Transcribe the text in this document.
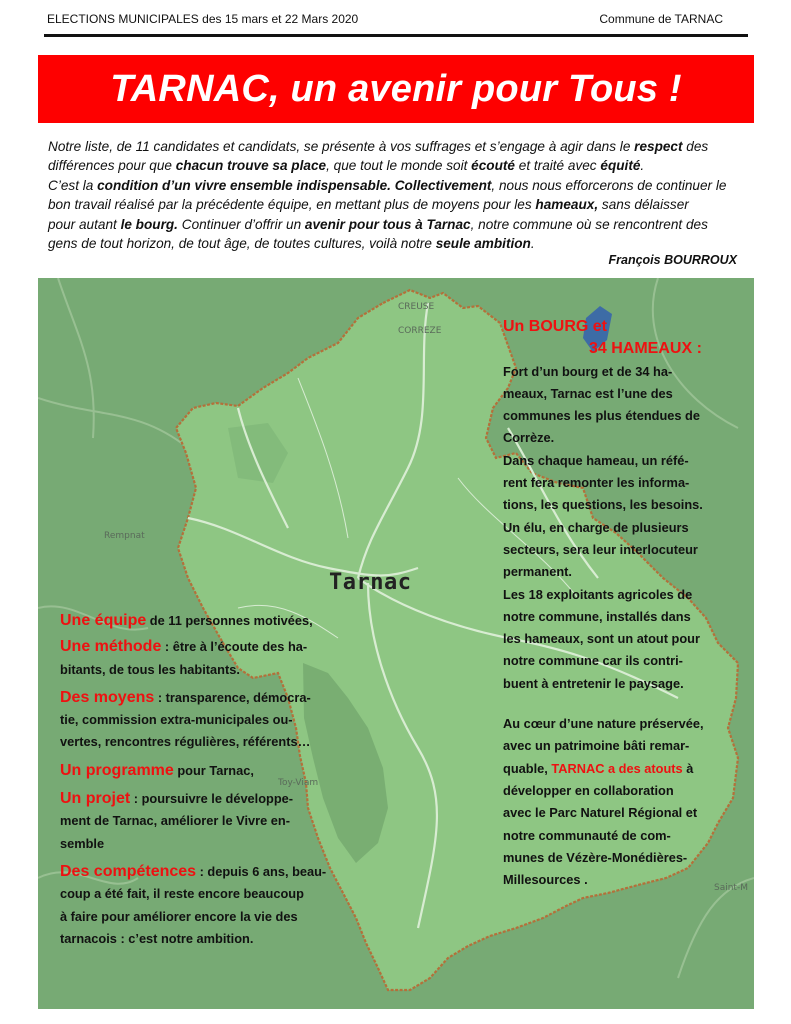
ELECTIONS MUNICIPALES des 15 mars et 22 Mars 2020	Commune de TARNAC
TARNAC, un avenir pour Tous !

Notre liste, de 11 candidates et candidats, se présente à vos suffrages et s’engage à agir dans le respect des

différences pour que chacun trouve sa place, que tout le monde soit écouté et traité avec équité.

C’est la condition d’un vivre ensemble indispensable. Collectivement, nous nous efforcerons de continuer le

bon travail réalisé par la précédente équipe, en mettant plus de moyens pour les hameaux, sans délaisser

pour autant le bourg. Continuer d’offrir un avenir pour tous à Tarnac, notre commune où se rencontrent des

gens de tout horizon, de tout âge, de toutes cultures, voilà notre seule ambition.

François BOURROUX
CREUSE
CORREZE
Rempnat
Toy-Viam
Saint-M
Tarnac

Un BOURG et

34 HAMEAUX :

Fort d’un bourg et de 34 ha-

meaux, Tarnac est l’une des

communes les plus étendues de

Corrèze.

Dans chaque hameau, un réfé-

rent fera remonter les informa-

tions, les questions, les besoins.

Un élu, en charge de plusieurs

secteurs, sera leur interlocuteur

permanent.

Les 18 exploitants agricoles de

notre commune, installés dans

les hameaux, sont un atout pour

notre commune car ils contri-

buent à entretenir le paysage.

Au cœur d’une nature préservée,

avec un patrimoine bâti remar-

quable, TARNAC a des atouts à

développer en collaboration

avec le Parc Naturel Régional et

notre communauté de com-

munes de Vézère-Monédières-

Millesources .

Une équipe de 11 personnes motivées,

Une méthode : être à l’écoute des ha-

bitants, de tous les habitants.

Des moyens : transparence, démocra-

tie, commission extra-municipales ou-

vertes, rencontres régulières, référents…

Un programme pour Tarnac,

Un projet : poursuivre le développe-

ment de Tarnac, améliorer le Vivre en-

semble

Des compétences : depuis 6 ans, beau-

coup a été fait, il reste encore beaucoup

à faire pour améliorer encore la vie des

tarnacois : c’est notre ambition.
